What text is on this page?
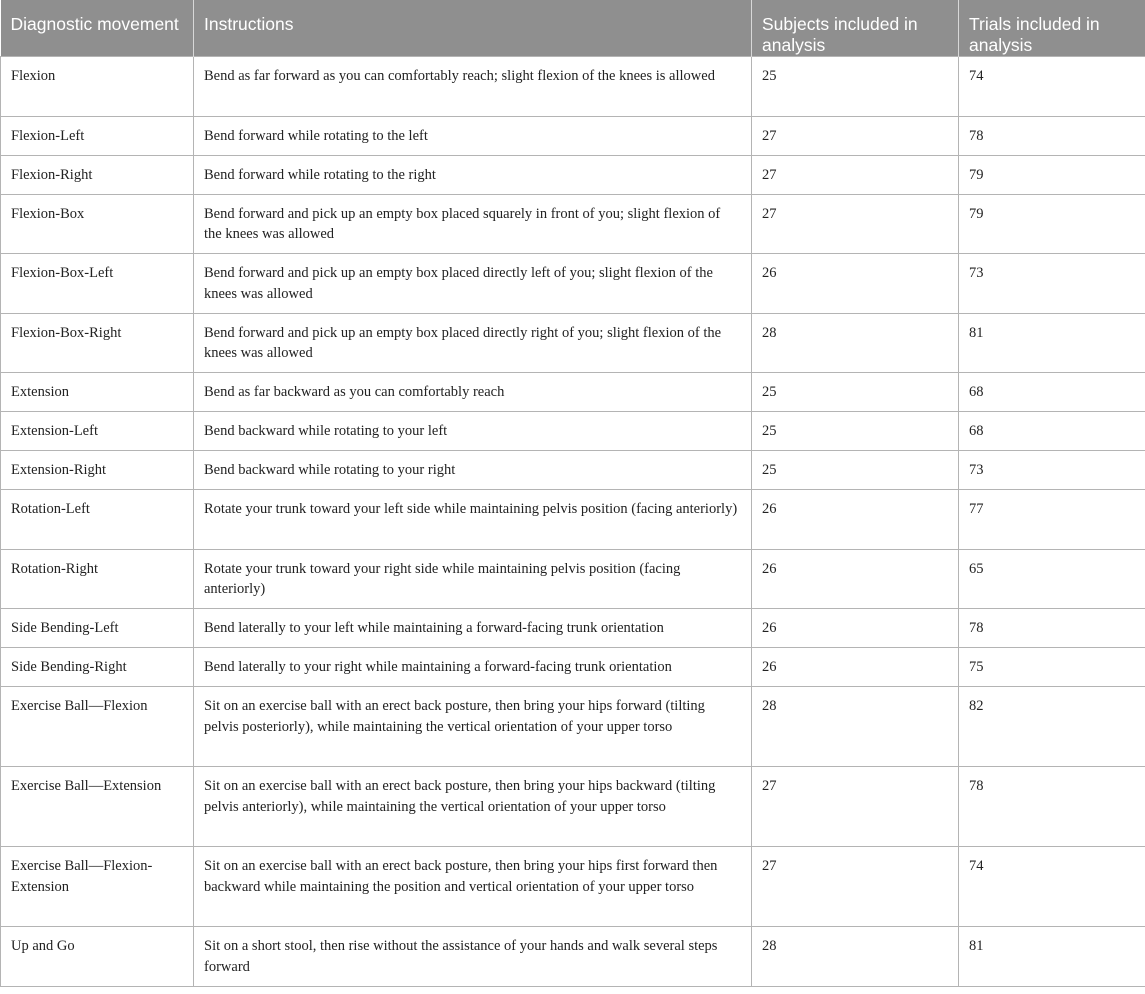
Diagnostic movement	Instructions	Subjects included in analysis	Trials included in analysis
Flexion	Bend as far forward as you can comfortably reach; slight flexion of the knees is allowed	25	74
Flexion-Left	Bend forward while rotating to the left	27	78
Flexion-Right	Bend forward while rotating to the right	27	79
Flexion-Box	Bend forward and pick up an empty box placed squarely in front of you; slight flexion of the knees was allowed	27	79
Flexion-Box-Left	Bend forward and pick up an empty box placed directly left of you; slight flexion of the knees was allowed	26	73
Flexion-Box-Right	Bend forward and pick up an empty box placed directly right of you; slight flexion of the knees was allowed	28	81
Extension	Bend as far backward as you can comfortably reach	25	68
Extension-Left	Bend backward while rotating to your left	25	68
Extension-Right	Bend backward while rotating to your right	25	73
Rotation-Left	Rotate your trunk toward your left side while maintaining pelvis position (facing anteriorly)	26	77
Rotation-Right	Rotate your trunk toward your right side while maintaining pelvis position (facing anteriorly)	26	65
Side Bending-Left	Bend laterally to your left while maintaining a forward-facing trunk orientation	26	78
Side Bending-Right	Bend laterally to your right while maintaining a forward-facing trunk orientation	26	75
Exercise Ball—Flexion	Sit on an exercise ball with an erect back posture, then bring your hips forward (tilting pelvis posteriorly), while maintaining the vertical orientation of your upper torso	28	82
Exercise Ball—Extension	Sit on an exercise ball with an erect back posture, then bring your hips backward (tilting pelvis anteriorly), while maintaining the vertical orientation of your upper torso	27	78
Exercise Ball—Flexion-Extension	Sit on an exercise ball with an erect back posture, then bring your hips first forward then backward while maintaining the position and vertical orientation of your upper torso	27	74
Up and Go	Sit on a short stool, then rise without the assistance of your hands and walk several steps forward	28	81
